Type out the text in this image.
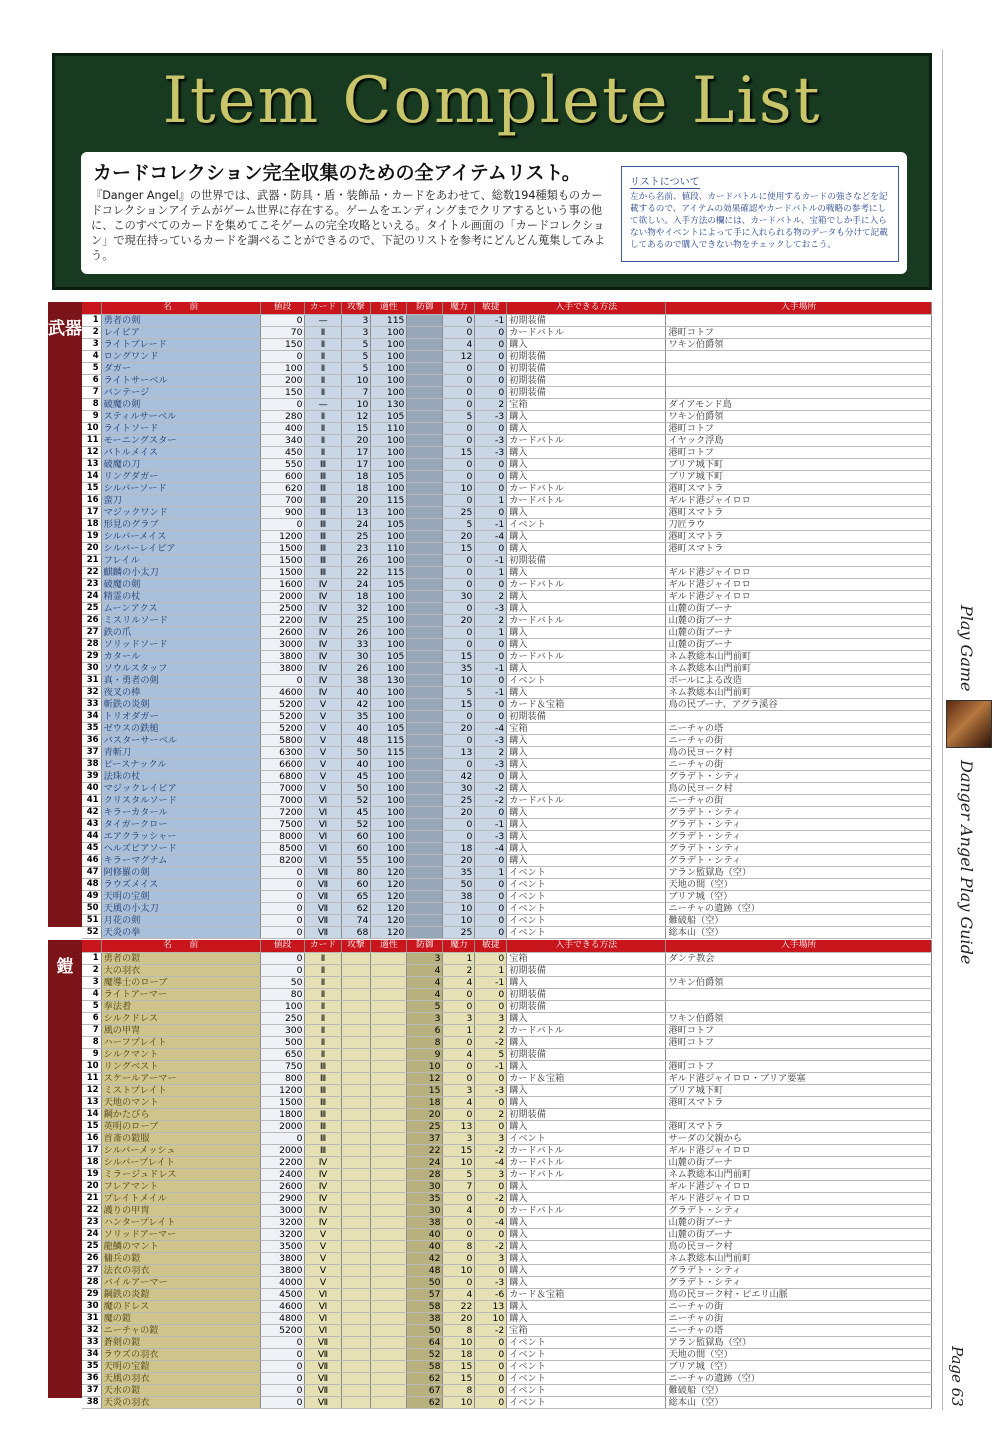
Item Complete List
カードコレクション完全収集のための全アイテムリスト。

『Danger Angel』の世界では、武器・防具・盾・装飾品・カードをあわせて、総数194種類ものカードコレクションアイテムがゲーム世界に存在する。ゲームをエンディングまでクリアするという事の他に、このすべてのカードを集めてこそゲームの完全攻略といえる。タイトル画面の「カードコレクション」で現在持っているカードを調べることができるので、下記のリストを参考にどんどん蒐集してみよう。

リストについて
左から名前、値段、カードバトルに使用するカードの強さなどを記載するので、アイテムの効果確認やカードバトルの戦略の参考にして欲しい。入手方法の欄には、カードバトル、宝箱でしか手に入らない物やイベントによって手に入れられる物のデータも分けて記載してあるので購入できない物をチェックしておこう。
武器
	名　　前	値段	カード	攻撃	適性	防御	魔力	敏捷	入手できる方法	入手場所
1	勇者の剣	0	—	3	115		0	-1	初期装備	
2	レイピア	70	Ⅱ	3	100		0	0	カードバトル	港町コトフ
3	ライトブレード	150	Ⅱ	5	100		4	0	購入	ワキン伯爵領
4	ロングワンド	0	Ⅱ	5	100		12	0	初期装備	
5	ダガー	100	Ⅱ	5	100		0	0	初期装備	
6	ライトサーベル	200	Ⅱ	10	100		0	0	初期装備	
7	バンテージ	150	Ⅱ	7	100		0	0	初期装備	
8	破魔の剣	0	—	10	130		0	2	宝箱	ダイアモンド島
9	スティルサーベル	280	Ⅱ	12	105		5	-3	購入	ワキン伯爵領
10	ライトソード	400	Ⅱ	15	110		0	0	購入	港町コトフ
11	モーニングスター	340	Ⅱ	20	100		0	-3	カードバトル	イヤック浮島
12	バトルメイス	450	Ⅱ	17	100		15	-3	購入	港町コトフ
13	破魔の刀	550	Ⅲ	17	100		0	0	購入	ブリア城下町
14	リングダガー	600	Ⅲ	18	105		0	0	購入	ブリア城下町
15	シルバーソード	620	Ⅲ	18	100		10	0	カードバトル	港町スマトラ
16	蛮刀	700	Ⅲ	20	115		0	1	カードバトル	ギルド港ジャイロロ
17	マジックワンド	900	Ⅲ	13	100		25	0	購入	港町スマトラ
18	形見のグラブ	0	Ⅲ	24	105		5	-1	イベント	刀匠ラウ
19	シルバーメイス	1200	Ⅲ	25	100		20	-4	購入	港町スマトラ
20	シルバーレイピア	1500	Ⅲ	23	110		15	0	購入	港町スマトラ
21	フレイル	1500	Ⅲ	26	100		0	-1	初期装備	
22	麒麟の小太刀	1500	Ⅲ	22	115		0	1	購入	ギルド港ジャイロロ
23	破魔の剣	1600	Ⅳ	24	105		0	0	カードバトル	ギルド港ジャイロロ
24	精霊の杖	2000	Ⅳ	18	100		30	2	購入	ギルド港ジャイロロ
25	ムーンアクス	2500	Ⅳ	32	100		0	-3	購入	山麓の街ブーナ
26	ミスリルソード	2200	Ⅳ	25	100		20	2	カードバトル	山麓の街ブーナ
27	鉄の爪	2600	Ⅳ	26	100		0	1	購入	山麓の街ブーナ
28	ソリッドソード	3000	Ⅳ	33	100		0	0	購入	山麓の街ブーナ
29	カタール	3800	Ⅳ	30	105		15	0	カードバトル	ネム教総本山門前町
30	ソウルスタッフ	3800	Ⅳ	26	100		35	-1	購入	ネム教総本山門前町
31	真・勇者の剣	0	Ⅳ	38	130		10	0	イベント	ボールによる改造
32	夜叉の棒	4600	Ⅳ	40	100		5	-1	購入	ネム教総本山門前町
33	斬鉄の炎剣	5200	Ⅴ	42	100		15	0	カード＆宝箱	鳥の民ブーナ、アグラ溪谷
34	トリオダガー	5200	Ⅴ	35	100		0	0	初期装備	
35	ゼウスの鉄槌	5200	Ⅴ	40	105		20	-4	宝箱	ニーチャの塔
36	バスターサーベル	5800	Ⅴ	48	115		0	-3	購入	ニーチャの街
37	青斬刀	6300	Ⅴ	50	115		13	2	購入	鳥の民ヨーク村
38	ピースナックル	6600	Ⅴ	40	100		0	-3	購入	ニーチャの街
39	法珠の杖	6800	Ⅴ	45	100		42	0	購入	グラデト・シティ
40	マジックレイピア	7000	Ⅴ	50	100		30	-2	購入	鳥の民ヨーク村
41	クリスタルソード	7000	Ⅵ	52	100		25	-2	カードバトル	ニーチャの街
42	キラーカタール	7200	Ⅵ	45	100		20	0	購入	グラデト・シティ
43	タイガークロー	7500	Ⅵ	52	100		0	-1	購入	グラデト・シティ
44	エアクラッシャー	8000	Ⅵ	60	100		0	-3	購入	グラデト・シティ
45	ヘルズピアソード	8500	Ⅵ	60	100		18	-4	購入	グラデト・シティ
46	キラーマグナム	8200	Ⅵ	55	100		20	0	購入	グラデト・シティ
47	阿修羅の剣	0	Ⅶ	80	120		35	1	イベント	アラン監獄島（空）
48	ラウズメイス	0	Ⅶ	60	120		50	0	イベント	天地の間（空）
49	天明の宝剣	0	Ⅶ	65	120		38	0	イベント	ブリア城（空）
50	天風の小太刀	0	Ⅶ	62	120		10	0	イベント	ニーチャの遺跡（空）
51	月花の剣	0	Ⅶ	74	120		10	0	イベント	難破船（空）
52	天炎の拳	0	Ⅶ	68	120		25	0	イベント	総本山（空）
鎧
	名　　前	値段	カード	攻撃	適性	防御	魔力	敏捷	入手できる方法	入手場所
1	勇者の鎧	0	Ⅱ			3	1	0	宝箱	ダンテ教会
2	大の羽衣	0	Ⅱ			4	2	1	初期装備	
3	魔導士のローブ	50	Ⅱ			4	4	-1	購入	ワキン伯爵領
4	ライトアーマー	80	Ⅱ			4	0	0	初期装備	
5	拳法着	100	Ⅱ			5	0	0	初期装備	
6	シルクドレス	250	Ⅱ			3	3	3	購入	ワキン伯爵領
7	風の甲冑	300	Ⅱ			6	1	2	カードバトル	港町コトフ
8	ハーフプレイト	500	Ⅱ			8	0	-2	購入	港町コトフ
9	シルクマント	650	Ⅱ			9	4	5	初期装備	
10	リングベスト	750	Ⅲ			10	0	-1	購入	港町コトフ
11	スケールアーマー	800	Ⅲ			12	0	0	カード＆宝箱	ギルド港ジャイロロ・ブリア要塞
12	ミストプレイト	1200	Ⅲ			15	3	-3	購入	ブリア城下町
13	天地のマント	1500	Ⅲ			18	4	0	購入	港町スマトラ
14	鋼かたびら	1800	Ⅲ			20	0	2	初期装備	
15	英明のローブ	2000	Ⅲ			25	13	0	購入	港町スマトラ
16	首斎の鎧服	0	Ⅲ			37	3	3	イベント	サーダの父親から
17	シルバーメッシュ	2000	Ⅲ			22	15	-2	カードバトル	ギルド港ジャイロロ
18	シルバープレイト	2200	Ⅳ			24	10	-4	カードバトル	山麓の街ブーナ
19	ミラージュドレス	2400	Ⅳ			28	5	3	カードバトル	ネム教総本山門前町
20	フレアマント	2600	Ⅳ			30	7	0	購入	ギルド港ジャイロロ
21	プレイトメイル	2900	Ⅳ			35	0	-2	購入	ギルド港ジャイロロ
22	護りの甲冑	3000	Ⅳ			30	4	0	カードバトル	グラデト・シティ
23	ハンタープレイト	3200	Ⅳ			38	0	-4	購入	山麓の街ブーナ
24	ソリッドアーマー	3200	Ⅴ			40	0	0	購入	山麓の街ブーナ
25	龍鱗のマント	3500	Ⅴ			40	8	-2	購入	鳥の民ヨーク村
26	傭兵の鎧	3800	Ⅴ			42	0	3	購入	ネム教総本山門前町
27	法衣の羽衣	3800	Ⅴ			48	10	0	購入	グラデト・シティ
28	バイルアーマー	4000	Ⅴ			50	0	-3	購入	グラデト・シティ
29	鋼鉄の炎鎧	4500	Ⅵ			57	4	-6	カード＆宝箱	鳥の民ヨーク村・ピエリ山脈
30	魔のドレス	4600	Ⅵ			58	22	13	購入	ニーチャの街
31	魔の鎧	4800	Ⅵ			38	20	10	購入	ニーチャの街
32	ニーチャの鎧	5200	Ⅵ			50	8	-2	宝箱	ニーチャの塔
33	蒼剣の鎧	0	Ⅶ			64	10	0	イベント	アラン監獄島（空）
34	ラウズの羽衣	0	Ⅶ			52	18	0	イベント	天地の間（空）
35	天明の宝鎧	0	Ⅶ			58	15	0	イベント	ブリア城（空）
36	天風の羽衣	0	Ⅶ			62	15	0	イベント	ニーチャの遺跡（空）
37	天水の鎧	0	Ⅶ			67	8	0	イベント	難破船（空）
38	天炎の羽衣	0	Ⅶ			62	10	0	イベント	総本山（空）
Play Game
Danger Angel Play Guide
Page 63
